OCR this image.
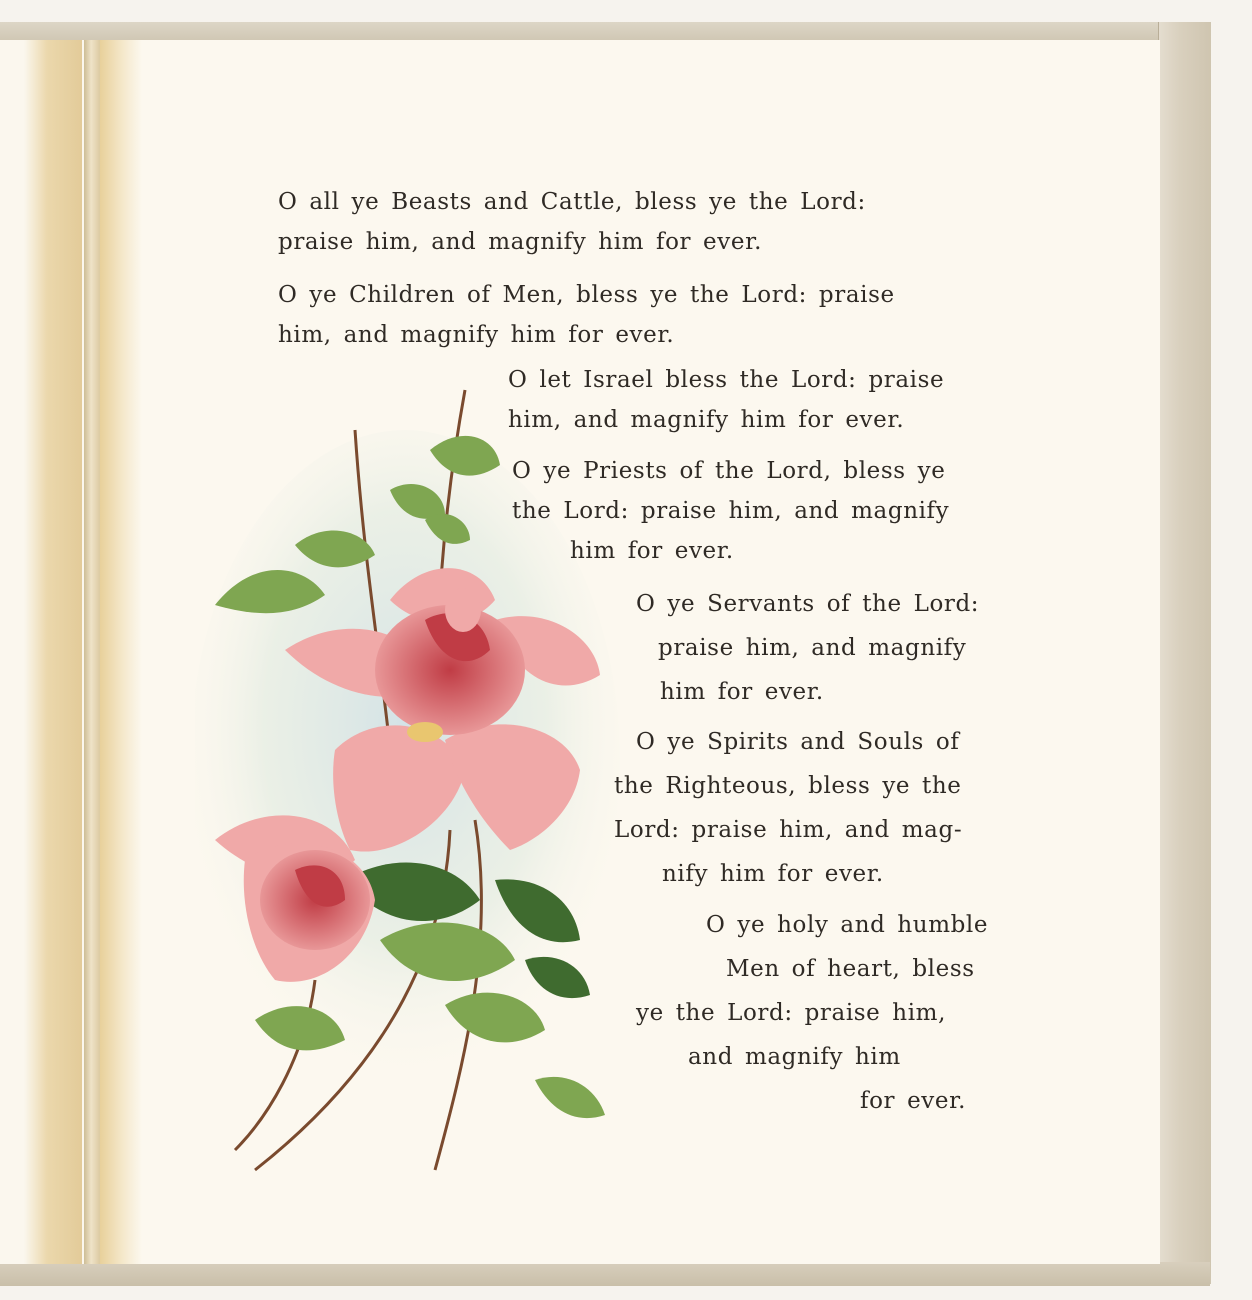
O all ye Beasts and Cattle, bless ye the Lord:
praise him, and magnify him for ever.
O ye Children of Men, bless ye the Lord: praise
him, and magnify him for ever.
O let Israel bless the Lord: praise
him, and magnify him for ever.
O ye Priests of the Lord, bless ye
the Lord: praise him, and magnify
him for ever.
O ye Servants of the Lord:
praise him, and magnify
him for ever.
O ye Spirits and Souls of
the Righteous, bless ye the
Lord: praise him, and mag-
nify him for ever.
O ye holy and humble
Men of heart, bless
ye the Lord: praise him,
and magnify him
for ever.
